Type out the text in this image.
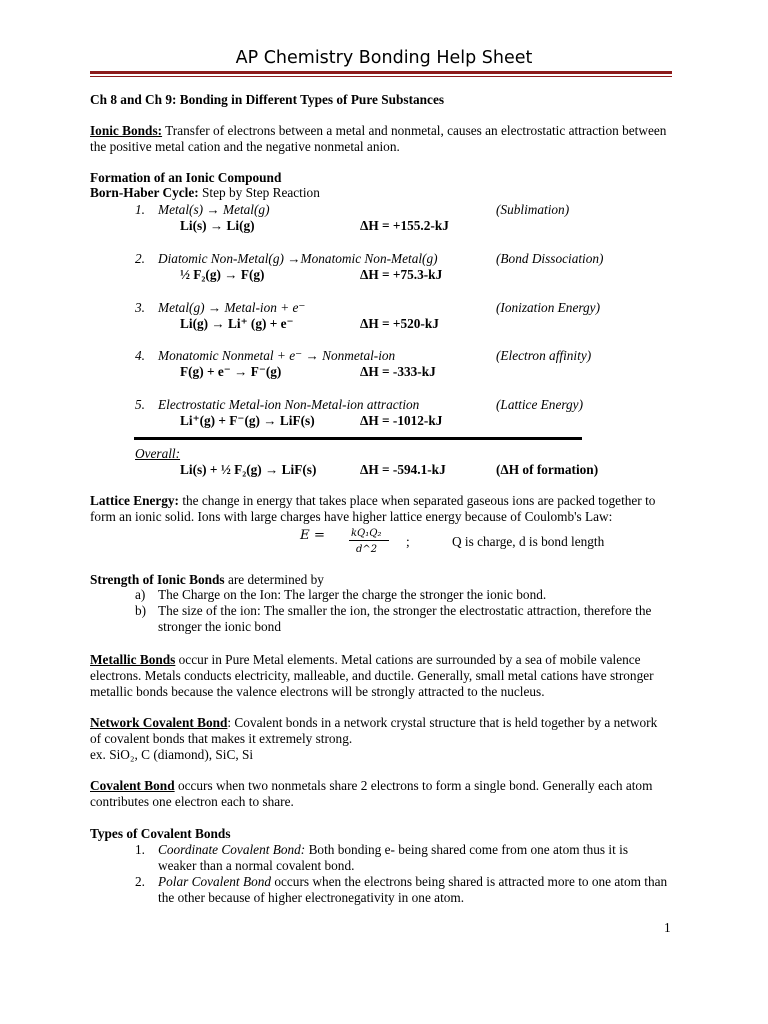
AP Chemistry Bonding Help Sheet
Ch 8 and Ch 9: Bonding in Different Types of Pure Substances
Ionic Bonds: Transfer of electrons between a metal and nonmetal, causes an electrostatic attraction between the positive metal cation and the negative nonmetal anion.
Formation of an Ionic Compound
Born-Haber Cycle: Step by Step Reaction
1. Metal(s) → Metal(g)	(Sublimation)
Li(s) → Li(g)	ΔH = +155.2-kJ
2. Diatomic Non-Metal(g) →Monatomic Non-Metal(g)	(Bond Dissociation)
½ F₂(g) → F(g)	ΔH = +75.3-kJ
3. Metal(g) → Metal-ion + e⁻	(Ionization Energy)
Li(g) → Li⁺ (g) + e⁻	ΔH = +520-kJ
4. Monatomic Nonmetal + e⁻ → Nonmetal-ion	(Electron affinity)
F(g) + e⁻ → F⁻(g)	ΔH = -333-kJ
5. Electrostatic Metal-ion Non-Metal-ion attraction	(Lattice Energy)
Li⁺(g) + F⁻(g) → LiF(s)	ΔH = -1012-kJ
Overall:
Li(s) + ½ F₂(g) → LiF(s)	ΔH = -594.1-kJ	(ΔH of formation)
Lattice Energy: the change in energy that takes place when separated gaseous ions are packed together to form an ionic solid. Ions with large charges have higher lattice energy because of Coulomb's Law:
E =	kQ₁Q₂
d^2
;	Q is charge, d is bond length
Strength of Ionic Bonds are determined by
a) The Charge on the Ion: The larger the charge the stronger the ionic bond.
b) The size of the ion: The smaller the ion, the stronger the electrostatic attraction, therefore the stronger the ionic bond
Metallic Bonds occur in Pure Metal elements. Metal cations are surrounded by a sea of mobile valence electrons. Metals conducts electricity, malleable, and ductile. Generally, small metal cations have stronger metallic bonds because the valence electrons will be strongly attracted to the nucleus.
Network Covalent Bond: Covalent bonds in a network crystal structure that is held together by a network of covalent bonds that makes it extremely strong.
ex. SiO₂, C (diamond), SiC, Si
Covalent Bond occurs when two nonmetals share 2 electrons to form a single bond. Generally each atom contributes one electron each to share.
Types of Covalent Bonds
1. Coordinate Covalent Bond: Both bonding e- being shared come from one atom thus it is weaker than a normal covalent bond.
2. Polar Covalent Bond occurs when the electrons being shared is attracted more to one atom than the other because of higher electronegativity in one atom.
1
